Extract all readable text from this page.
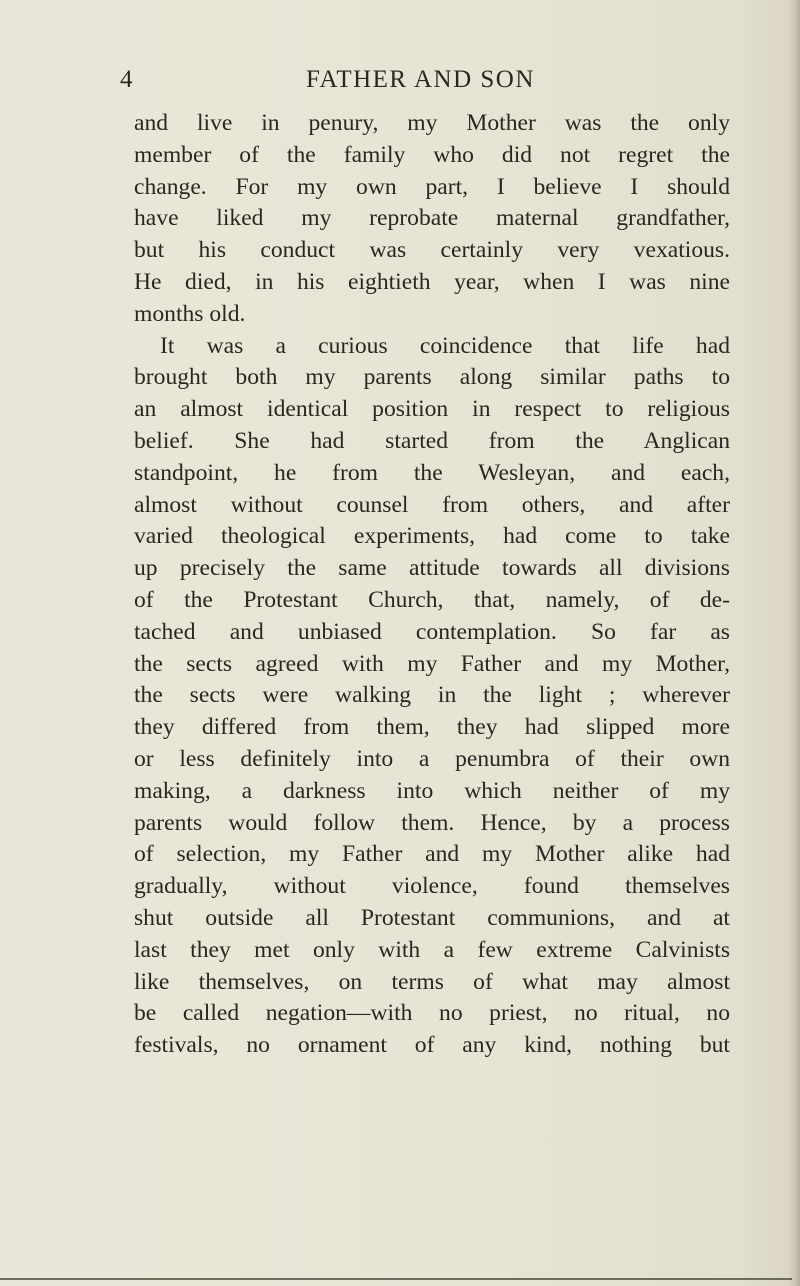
4	FATHER AND SON
and live in penury, my Mother was the only
member of the family who did not regret the
change. For my own part, I believe I should
have liked my reprobate maternal grandfather,
but his conduct was certainly very vexatious.
He died, in his eightieth year, when I was nine
months old.
It was a curious coincidence that life had
brought both my parents along similar paths to
an almost identical position in respect to religious
belief. She had started from the Anglican
standpoint, he from the Wesleyan, and each,
almost without counsel from others, and after
varied theological experiments, had come to take
up precisely the same attitude towards all divisions
of the Protestant Church, that, namely, of de-
tached and unbiased contemplation. So far as
the sects agreed with my Father and my Mother,
the sects were walking in the light ; wherever
they differed from them, they had slipped more
or less definitely into a penumbra of their own
making, a darkness into which neither of my
parents would follow them. Hence, by a process
of selection, my Father and my Mother alike had
gradually, without violence, found themselves
shut outside all Protestant communions, and at
last they met only with a few extreme Calvinists
like themselves, on terms of what may almost
be called negation—with no priest, no ritual, no
festivals, no ornament of any kind, nothing but
